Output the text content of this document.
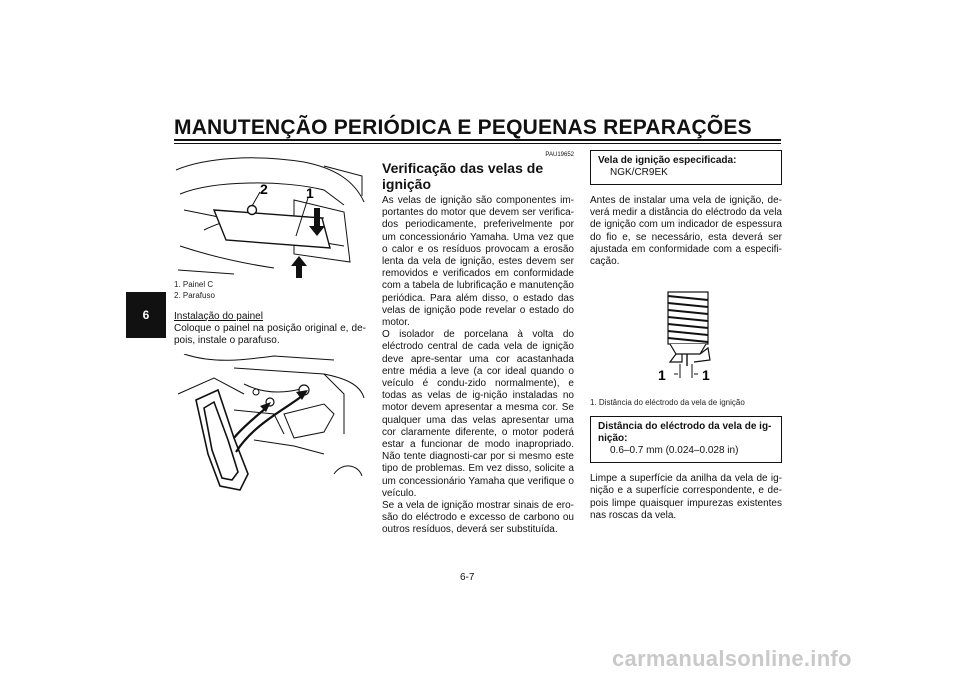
MANUTENÇÃO PERIÓDICA E PEQUENAS REPARAÇÕES
6
2	1
1. Painel C
2. Parafuso
Instalação do painel

Coloque o painel na posição original e, de-pois, instale o parafuso.

PAU19652
Verificação das velas de ignição

As velas de ignição são componentes im-portantes do motor que devem ser verifica-dos periodicamente, preferivelmente por um concessionário Yamaha. Uma vez que o calor e os resíduos provocam a erosão lenta da vela de ignição, estes devem ser removidos e verificados em conformidade com a tabela de lubrificação e manutenção periódica. Para além disso, o estado das velas de ignição pode revelar o estado do motor.

O isolador de porcelana à volta do eléctrodo central de cada vela de ignição deve apre-sentar uma cor acastanhada entre média a leve (a cor ideal quando o veículo é condu-zido normalmente), e todas as velas de ig-nição instaladas no motor devem apresentar a mesma cor. Se qualquer uma das velas apresentar uma cor claramente diferente, o motor poderá estar a funcionar de modo inapropriado. Não tente diagnosti-car por si mesmo este tipo de problemas. Em vez disso, solicite a um concessionário Yamaha que verifique o veículo.

Se a vela de ignição mostrar sinais de ero-são do eléctrodo e excesso de carbono ou outros resíduos, deverá ser substituída.

Vela de ignição especificada:
NGK/CR9EK

Antes de instalar uma vela de ignição, de-verá medir a distância do eléctrodo da vela de ignição com um indicador de espessura do fio e, se necessário, esta deverá ser ajustada em conformidade com a especifi-cação.

1	1
1. Distância do eléctrodo da vela de ignição
Distância do eléctrodo da vela de ig-nição:
0.6–0.7 mm (0.024–0.028 in)

Limpe a superfície da anilha da vela de ig-nição e a superfície correspondente, e de-pois limpe quaisquer impurezas existentes nas roscas da vela.

6-7
carmanualsonline.info
